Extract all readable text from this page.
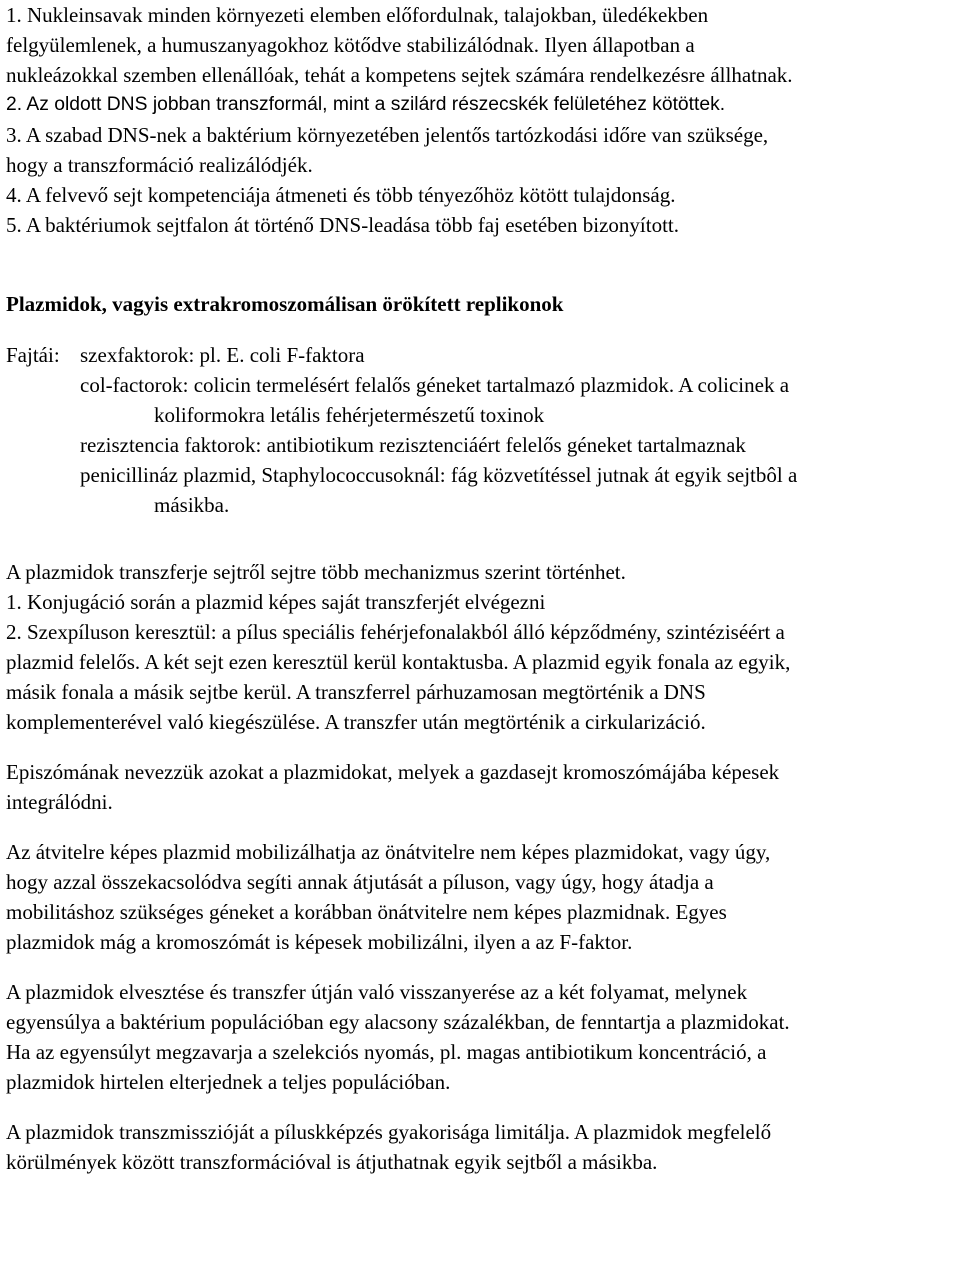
1. Nukleinsavak minden környezeti elemben előfordulnak, talajokban, üledékekben
felgyülemlenek, a humuszanyagokhoz kötődve stabilizálódnak. Ilyen állapotban a
nukleázokkal szemben ellenállóak, tehát a kompetens sejtek számára rendelkezésre állhatnak.
2. Az oldott DNS jobban transzformál, mint a szilárd részecskék felületéhez kötöttek.
3. A szabad DNS-nek a baktérium környezetében jelentős tartózkodási időre van szüksége,
hogy a transzformáció realizálódjék.
4. A felvevő sejt kompetenciája átmeneti és több tényezőhöz kötött tulajdonság.
5. A baktériumok sejtfalon át történő DNS-leadása több faj esetében bizonyított.
Plazmidok, vagyis extrakromoszomálisan örökített replikonok
Fajtái: szexfaktorok: pl. E. coli F-faktora
col-factorok: colicin termelésért felalős géneket tartalmazó plazmidok. A colicinek a
koliformokra letális fehérjetermészetű toxinok
rezisztencia faktorok: antibiotikum rezisztenciáért felelős géneket tartalmaznak
penicillináz plazmid, Staphylococcusoknál: fág közvetítéssel jutnak át egyik sejtbôl a
másikba.
A plazmidok transzferje sejtről sejtre több mechanizmus szerint történhet.
1. Konjugáció során a plazmid képes saját transzferjét elvégezni
2. Szexpíluson keresztül: a pílus speciális fehérjefonalakból álló képződmény, szintéziséért a
plazmid felelős. A két sejt ezen keresztül kerül kontaktusba. A plazmid egyik fonala az egyik,
másik fonala a másik sejtbe kerül. A transzferrel párhuzamosan megtörténik a DNS
komplementerével való kiegészülése. A transzfer után megtörténik a cirkularizáció.
Episzómának nevezzük azokat a plazmidokat, melyek a gazdasejt kromoszómájába képesek
integrálódni.
Az átvitelre képes plazmid mobilizálhatja az önátvitelre nem képes plazmidokat, vagy úgy,
hogy azzal összekacsolódva segíti annak átjutását a píluson, vagy úgy, hogy átadja a
mobilitáshoz szükséges géneket a korábban önátvitelre nem képes plazmidnak. Egyes
plazmidok mág a kromoszómát is képesek mobilizálni, ilyen a az F-faktor.
A plazmidok elvesztése és transzfer útján való visszanyerése az a két folyamat, melynek
egyensúlya a baktérium populációban egy alacsony százalékban, de fenntartja a plazmidokat.
Ha az egyensúlyt megzavarja a szelekciós nyomás, pl. magas antibiotikum koncentráció, a
plazmidok hirtelen elterjednek a teljes populációban.
A plazmidok transzmisszióját a píluskképzés gyakorisága limitálja. A plazmidok megfelelő
körülmények között transzformációval is átjuthatnak egyik sejtből a másikba.
